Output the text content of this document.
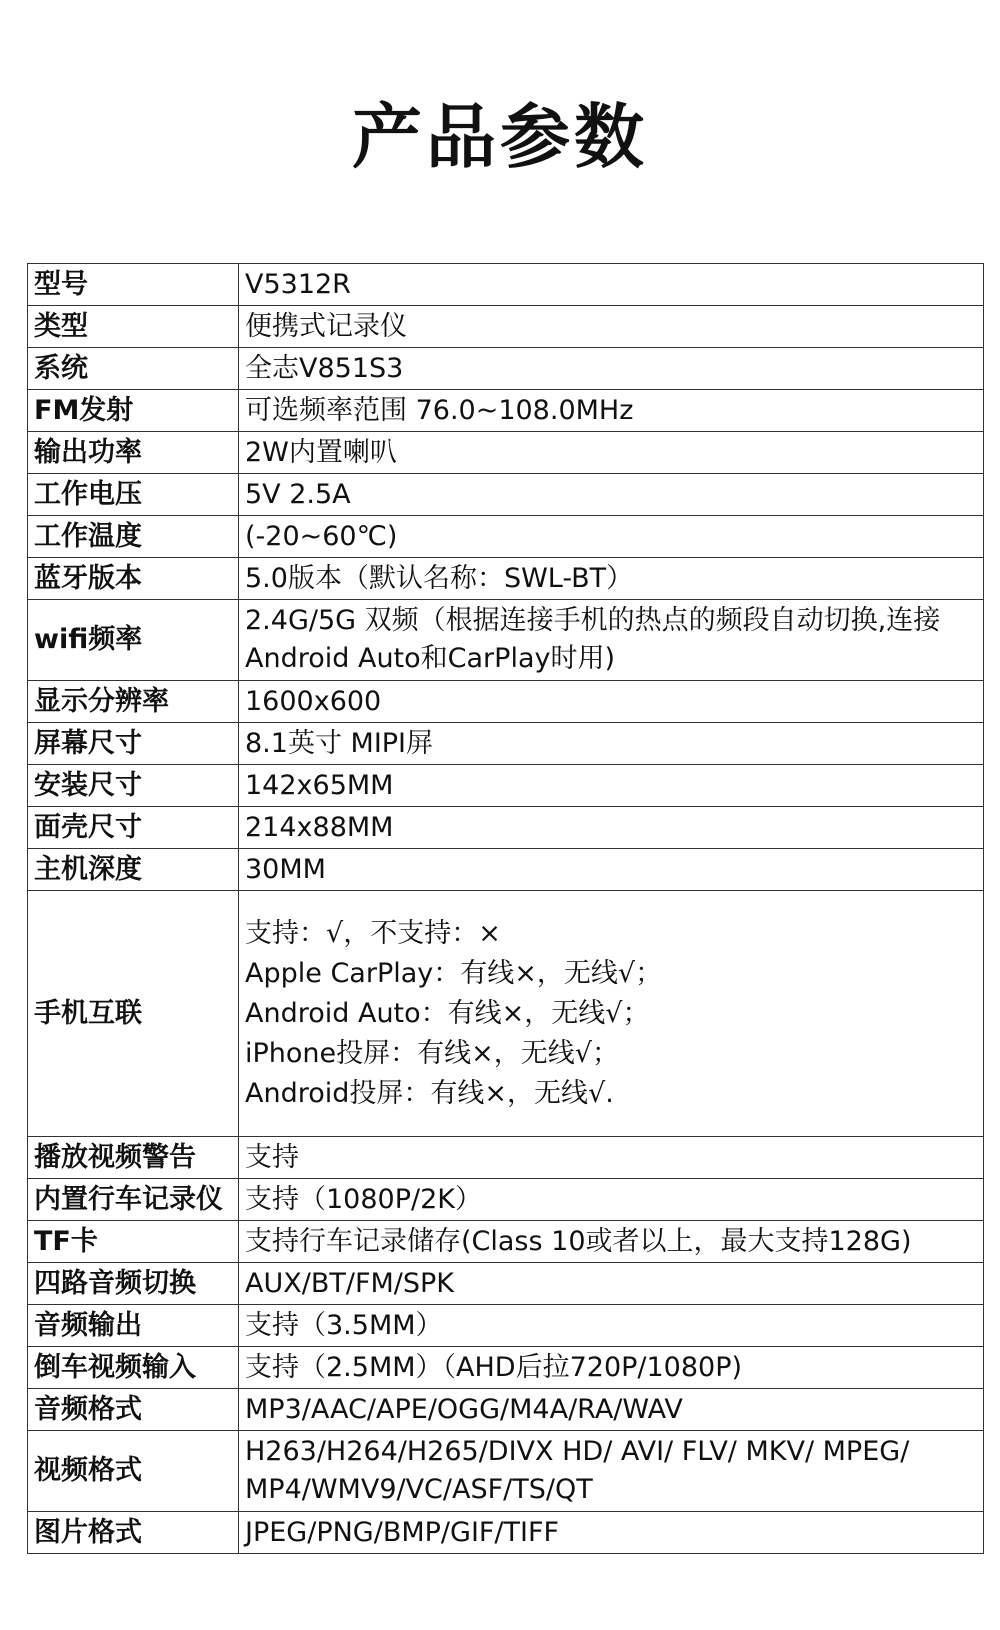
产品参数
型号	V5312R
类型	便携式记录仪
系统	全志V851S3
FM发射	可选频率范围 76.0~108.0MHz
输出功率	2W内置喇叭
工作电压	5V 2.5A
工作温度	(-20~60℃)
蓝牙版本	5.0版本（默认名称：SWL-BT）
wifi频率	2.4G/5G 双频（根据连接手机的热点的频段自动切换,连接Android Auto和CarPlay时用)
显示分辨率	1600x600
屏幕尺寸	8.1英寸 MIPI屏
安装尺寸	142x65MM
面壳尺寸	214x88MM
主机深度	30MM
手机互联	支持：√，不支持：×
Apple CarPlay：有线×，无线√；
Android Auto：有线×，无线√；
iPhone投屏：有线×，无线√；
Android投屏：有线×，无线√.

播放视频警告	支持
内置行车记录仪	支持（1080P/2K）
TF卡	支持行车记录储存(Class 10或者以上，最大支持128G)
四路音频切换	AUX/BT/FM/SPK
音频输出	支持（3.5MM）
倒车视频输入	支持（2.5MM）（AHD后拉720P/1080P)
音频格式	MP3/AAC/APE/OGG/M4A/RA/WAV
视频格式	H263/H264/H265/DIVX HD/ AVI/ FLV/ MKV/ MPEG/ MP4/WMV9/VC/ASF/TS/QT
图片格式	JPEG/PNG/BMP/GIF/TIFF
